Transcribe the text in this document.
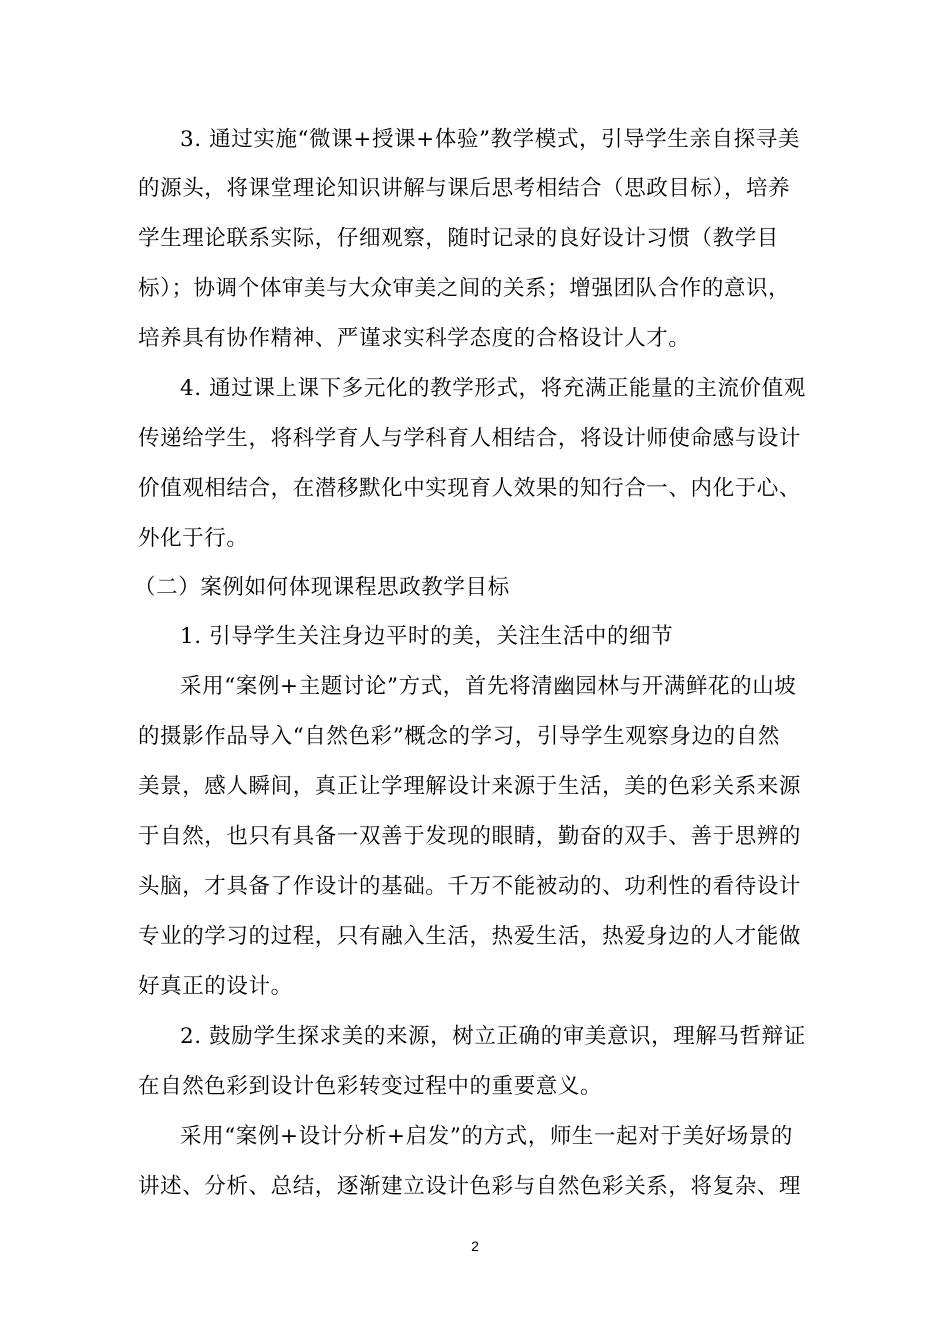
3. 通过实施“微课+授课+体验”教学模式，引导学生亲自探寻美
的源头，将课堂理论知识讲解与课后思考相结合（思政目标），培养
学生理论联系实际，仔细观察，随时记录的良好设计习惯（教学目
标）；协调个体审美与大众审美之间的关系；增强团队合作的意识，
培养具有协作精神、严谨求实科学态度的合格设计人才。
4. 通过课上课下多元化的教学形式，将充满正能量的主流价值观
传递给学生，将科学育人与学科育人相结合，将设计师使命感与设计
价值观相结合，在潜移默化中实现育人效果的知行合一、内化于心、
外化于行。
（二）案例如何体现课程思政教学目标
1. 引导学生关注身边平时的美，关注生活中的细节
采用“案例+主题讨论”方式，首先将清幽园林与开满鲜花的山坡
的摄影作品导入“自然色彩”概念的学习，引导学生观察身边的自然
美景，感人瞬间，真正让学理解设计来源于生活，美的色彩关系来源
于自然，也只有具备一双善于发现的眼睛，勤奋的双手、善于思辨的
头脑，才具备了作设计的基础。千万不能被动的、功利性的看待设计
专业的学习的过程，只有融入生活，热爱生活，热爱身边的人才能做
好真正的设计。
2. 鼓励学生探求美的来源，树立正确的审美意识，理解马哲辩证
在自然色彩到设计色彩转变过程中的重要意义。
采用“案例+设计分析+启发”的方式，师生一起对于美好场景的
讲述、分析、总结，逐渐建立设计色彩与自然色彩关系，将复杂、理
2
